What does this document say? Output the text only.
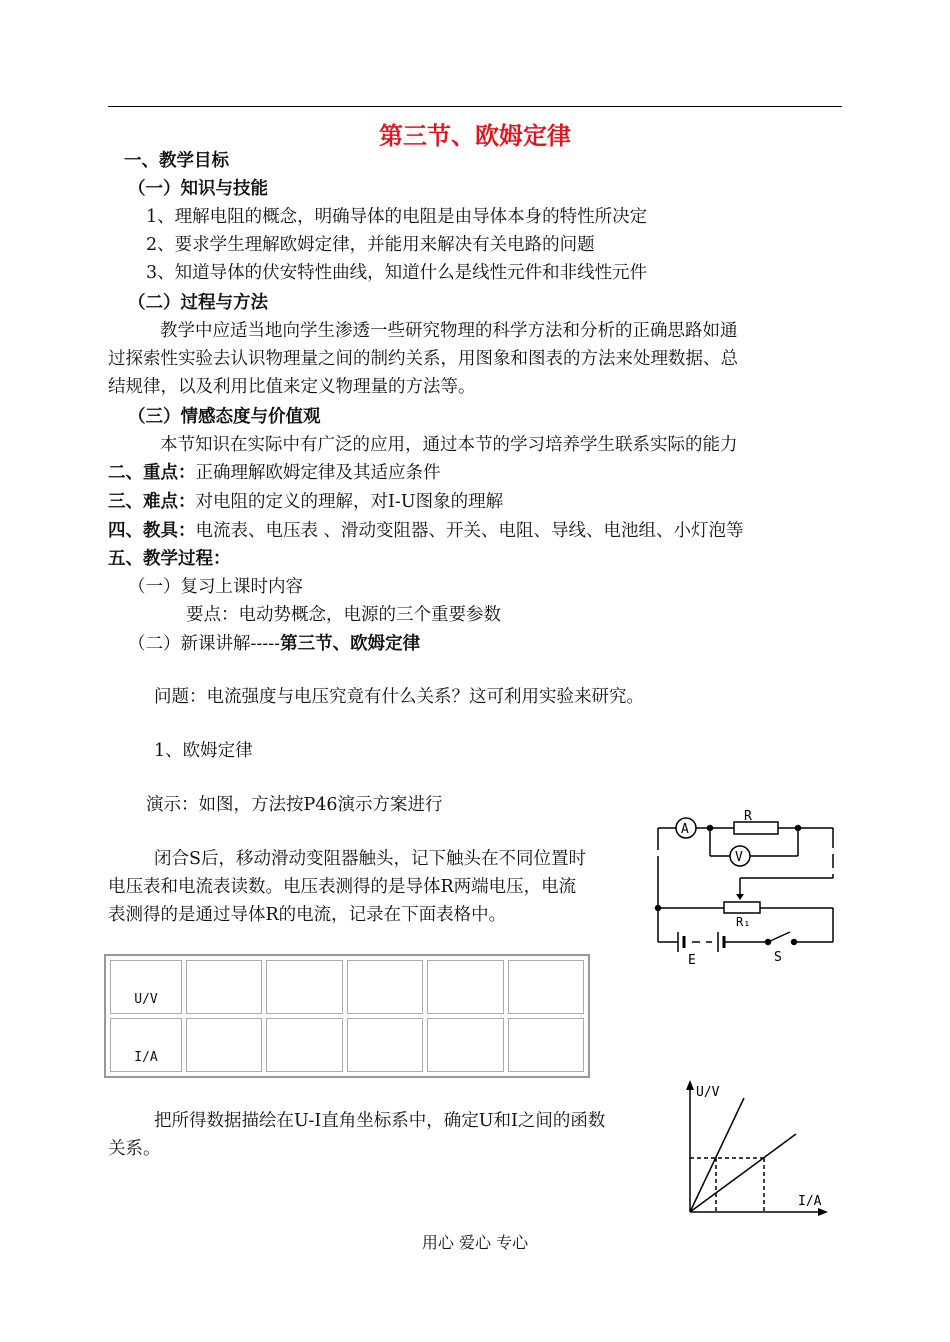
第三节、欧姆定律
一、教学目标
（一）知识与技能
1、理解电阻的概念，明确导体的电阻是由导体本身的特性所决定
2、要求学生理解欧姆定律，并能用来解决有关电路的问题
3、知道导体的伏安特性曲线，知道什么是线性元件和非线性元件
（二）过程与方法
教学中应适当地向学生渗透一些研究物理的科学方法和分析的正确思路如通
过探索性实验去认识物理量之间的制约关系，用图象和图表的方法来处理数据、总
结规律，以及利用比值来定义物理量的方法等。
（三）情感态度与价值观
本节知识在实际中有广泛的应用，通过本节的学习培养学生联系实际的能力
二、重点：正确理解欧姆定律及其适应条件
三、难点：对电阻的定义的理解，对I-U图象的理解
四、教具：电流表、电压表 、滑动变阻器、开关、电阻、导线、电池组、小灯泡等
五、教学过程：
（一）复习上课时内容
要点：电动势概念，电源的三个重要参数
（二）新课讲解-----第三节、欧姆定律
问题：电流强度与电压究竟有什么关系？这可利用实验来研究。
1、欧姆定律
演示：如图，方法按P46演示方案进行
闭合S后，移动滑动变阻器触头，记下触头在不同位置时
电压表和电流表读数。电压表测得的是导体R两端电压，电流
表测得的是通过导体R的电流，记录在下面表格中。
A
R
V
R₁
E	S
U/V					
I/A					
把所得数据描绘在U-I直角坐标系中，确定U和I之间的函数
关系。
U/V
I/A
用心 爱心 专心
